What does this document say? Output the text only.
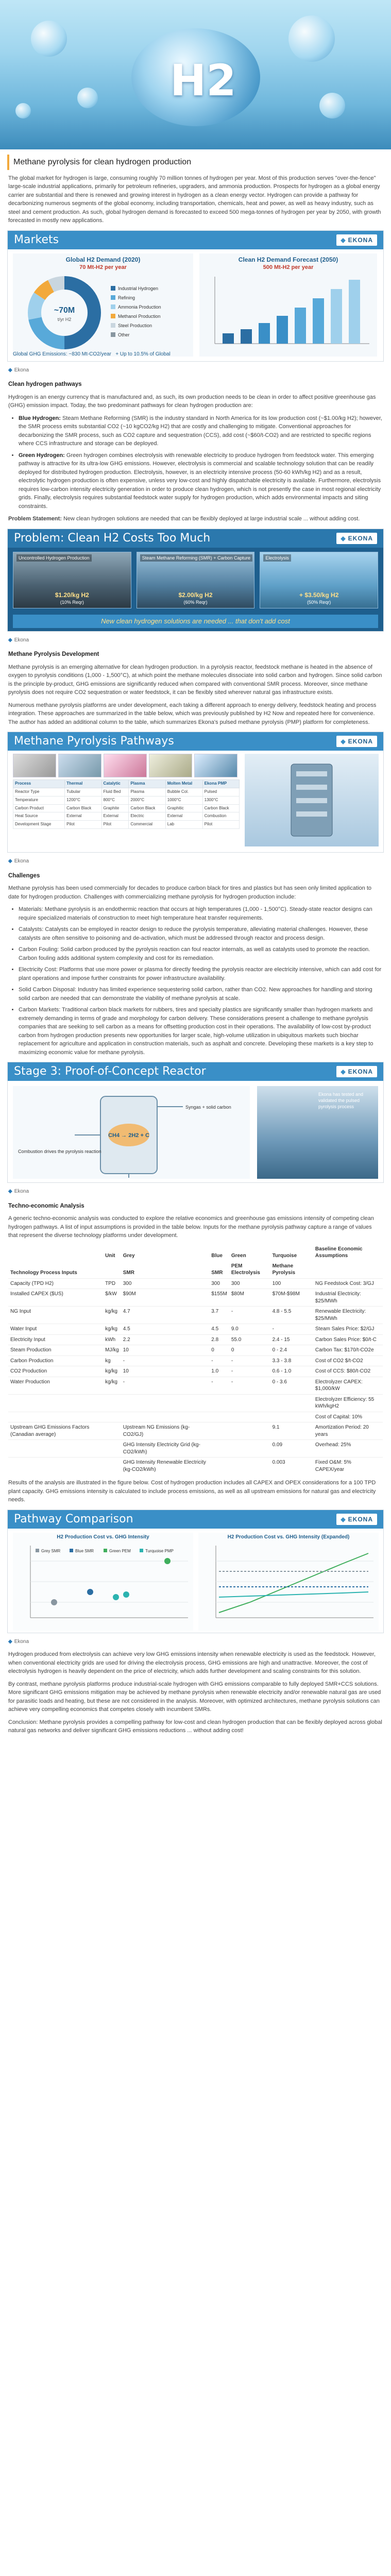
H2
Methane pyrolysis for clean hydrogen production

The global market for hydrogen is large, consuming roughly 70 million tonnes of hydrogen per year. Most of this production serves "over-the-fence" large-scale industrial applications, primarily for petroleum refineries, upgraders, and ammonia production. Prospects for hydrogen as a global energy carrier are substantial and there is renewed and growing interest in hydrogen as a clean energy vector. Hydrogen can provide a pathway for decarbonizing numerous segments of the global economy, including transportation, chemicals, heat and power, as well as heavy industry, such as steel and cement production. As such, global hydrogen demand is forecasted to exceed 500 mega-tonnes of hydrogen per year by 2050, with growth forecasted in mostly new applications.

Markets	◆ EKONA
Global H2 Demand (2020)
70 Mt-H2 per year
~70M
t/yr H2
Industrial Hydrogen
Refining
Ammonia Production
Methanol Production
Steel Production
Other
Clean H2 Demand Forecast (2050)
500 Mt-H2 per year
Global GHG Emissions: ~830 Mt-CO2/year + Up to 10.5% of Global
◆ Ekona
Clean hydrogen pathways

Hydrogen is an energy currency that is manufactured and, as such, its own production needs to be clean in order to affect positive greenhouse gas (GHG) emission impact. Today, the two predominant pathways for clean hydrogen production are:

• Blue Hydrogen: Steam Methane Reforming (SMR) is the industry standard in North America for its low production cost (~$1.00/kg H2); however, the SMR process emits substantial CO2 (~10 kgCO2/kg H2) that are costly and challenging to mitigate. Conventional approaches for decarbonizing the SMR process, such as CO2 capture and sequestration (CCS), add cost (~$60/t-CO2) and are restricted to specific regions where CCS infrastructure and storage can be deployed.
• Green Hydrogen: Green hydrogen combines electrolysis with renewable electricity to produce hydrogen from feedstock water. This emerging pathway is attractive for its ultra-low GHG emissions. However, electrolysis is commercial and scalable technology solution that can be readily deployed for distributed hydrogen production. Electrolysis, however, is an electricity intensive process (50-60 kWh/kg H2) and as a result, electrolytic hydrogen production is often expensive, unless very low-cost and highly dispatchable electricity is available. Furthermore, electrolysis requires low-carbon intensity electricity generation in order to produce clean hydrogen, which is not presently the case in most regional electricity grids. Finally, electrolysis requires substantial feedstock water supply for hydrogen production, which adds environmental impacts and siting constraints.

Problem Statement: New clean hydrogen solutions are needed that can be flexibly deployed at large industrial scale ... without adding cost.

Problem: Clean H2 Costs Too Much	◆ EKONA
Uncontrolled Hydrogen Production
$1.20/kg H2
(10% Reqr)
Steam Methane Reforming (SMR) + Carbon Capture
$2.00/kg H2
(60% Reqr)
Electrolysis
+ $3.50/kg H2
(50% Reqr)
New clean hydrogen solutions are needed ... that don't add cost
◆ Ekona
Methane Pyrolysis Development

Methane pyrolysis is an emerging alternative for clean hydrogen production. In a pyrolysis reactor, feedstock methane is heated in the absence of oxygen to pyrolysis conditions (1,000 - 1,500°C), at which point the methane molecules dissociate into solid carbon and hydrogen. Since solid carbon is the principle by-product, GHG emissions are significantly reduced when compared with conventional SMR process. Moreover, since methane pyrolysis does not require CO2 sequestration or water feedstock, it can be flexibly sited wherever natural gas infrastructure exists.

Numerous methane pyrolysis platforms are under development, each taking a different approach to energy delivery, feedstock heating and process integration. These approaches are summarized in the table below, which was previously published by H2 Now and repeated here for convenience. The author has added an additional column to the table, which summarizes Ekona's pulsed methane pyrolysis (PMP) platform for completeness.

Methane Pyrolysis Pathways	◆ EKONA
Process	Thermal	Catalytic	Plasma	Molten Metal	Ekona PMP
Reactor Type	Tubular	Fluid Bed	Plasma	Bubble Col.	Pulsed
Temperature	1200°C	800°C	2000°C	1000°C	1300°C
Carbon Product	Carbon Black	Graphite	Carbon Black	Graphitic	Carbon Black
Heat Source	External	External	Electric	External	Combustion
Development Stage	Pilot	Pilot	Commercial	Lab	Pilot
◆ Ekona
Challenges

Methane pyrolysis has been used commercially for decades to produce carbon black for tires and plastics but has seen only limited application to date for hydrogen production. Challenges with commercializing methane pyrolysis for hydrogen production include:

• Materials: Methane pyrolysis is an endothermic reaction that occurs at high temperatures (1,000 - 1,500°C). Steady-state reactor designs can require specialized materials of construction to meet high temperature heat transfer requirements.
• Catalysts: Catalysts can be employed in reactor design to reduce the pyrolysis temperature, alleviating material challenges. However, these catalysts are often sensitive to poisoning and de-activation, which must be addressed through reactor and process design.
• Carbon Fouling: Solid carbon produced by the pyrolysis reaction can foul reactor internals, as well as catalysts used to promote the reaction. Carbon fouling adds additional system complexity and cost for its remediation.
• Electricity Cost: Platforms that use more power or plasma for directly feeding the pyrolysis reactor are electricity intensive, which can add cost for plant operations and impose further constraints for power infrastructure availability.
• Solid Carbon Disposal: Industry has limited experience sequestering solid carbon, rather than CO2. New approaches for handling and storing solid carbon are needed that can demonstrate the viability of methane pyrolysis at scale.
• Carbon Markets: Traditional carbon black markets for rubbers, tires and specialty plastics are significantly smaller than hydrogen markets and extremely demanding in terms of grade and morphology for carbon delivery. These considerations present a challenge to methane pyrolysis companies that are seeking to sell carbon as a means for offsetting production cost in their operations. The availability of low-cost by-product carbon from hydrogen production presents new opportunities for larger scale, high-volume utilization in ubiquitous markets such biochar replacement for agriculture and application in construction materials, such as asphalt and concrete. Developing these markets is a key step to maximizing economic value for methane pyrolysis.
Stage 3: Proof-of-Concept Reactor	◆ EKONA
Syngas + solid carbon
CH4 → 2H2 + C
Combustion drives the pyrolysis reaction
Ekona has tested and validated the pulsed pyrolysis process
◆ Ekona
Techno-economic Analysis

A generic techno-economic analysis was conducted to explore the relative economics and greenhouse gas emissions intensity of competing clean hydrogen pathways. A list of input assumptions is provided in the table below. Inputs for the methane pyrolysis pathway capture a range of values that represent the diverse technology platforms under development.

	Unit	Grey	Blue	Green	Turquoise	Baseline Economic Assumptions
Technology Process Inputs		SMR	SMR	PEM Electrolysis	Methane Pyrolysis	
Capacity (TPD H2)	TPD	300	300	300	100	NG Feedstock Cost: 3/GJ
Installed CAPEX ($US)	$/kW	$90M	$155M	$80M	$70M-$98M	Industrial Electricity: $25/MWh
NG Input	kg/kg	4.7	3.7	-	4.8 - 5.5	Renewable Electricity: $25/MWh
Water Input	kg/kg	4.5	4.5	9.0	-	Steam Sales Price: $2/GJ
Electricity Input	kWh	2.2	2.8	55.0	2.4 - 15	Carbon Sales Price: $0/t-C
Steam Production	MJ/kg	10	0	0	0 - 2.4	Carbon Tax: $170/t-CO2e
Carbon Production	kg	-	-	-	3.3 - 3.8	Cost of CO2 $/t-CO2
CO2 Production	kg/kg	10	1.0	-	0.6 - 1.0	Cost of CCS: $80/t-CO2
Water Production	kg/kg	-	-	-	0 - 3.6	Electrolyzer CAPEX: $1,000/kW
						Electrolyzer Efficiency: 55 kWh/kgH2
						Cost of Capital: 10%
Upstream GHG Emissions Factors (Canadian average)		Upstream NG Emissions (kg-CO2/GJ)			9.1	Amortization Period: 20 years
		GHG Intensity Electricity Grid (kg-CO2/kWh)			0.09	Overhead: 25%
		GHG Intensity Renewable Electricity (kg-CO2/kWh)			0.003	Fixed O&M: 5% CAPEX/year

Results of the analysis are illustrated in the figure below. Cost of hydrogen production includes all CAPEX and OPEX considerations for a 100 TPD plant capacity. GHG emissions intensity is calculated to include process emissions, as well as all upstream emissions for natural gas and electricity needs.

Pathway Comparison	◆ EKONA
H2 Production Cost vs. GHG Intensity
Grey SMR	Blue SMR	Green PEM	Turquoise PMP
H2 Production Cost vs. GHG Intensity (Expanded)
◆ Ekona

Hydrogen produced from electrolysis can achieve very low GHG emissions intensity when renewable electricity is used as the feedstock. However, when conventional electricity grids are used for driving the electrolysis process, GHG emissions are high and unattractive. Moreover, the cost of electrolysis hydrogen is heavily dependent on the price of electricity, which adds further development and scaling constraints for this solution.

By contrast, methane pyrolysis platforms produce industrial-scale hydrogen with GHG emissions comparable to fully deployed SMR+CCS solutions. More significant GHG emissions mitigation may be achieved by methane pyrolysis when renewable electricity and/or renewable natural gas are used for parasitic loads and heating, but these are not considered in the analysis. Moreover, with optimized architectures, methane pyrolysis solutions can achieve very compelling economics that competes closely with incumbent SMRs.

Conclusion: Methane pyrolysis provides a compelling pathway for low-cost and clean hydrogen production that can be flexibly deployed across global natural gas networks and deliver significant GHG emissions reductions ... without adding cost!
